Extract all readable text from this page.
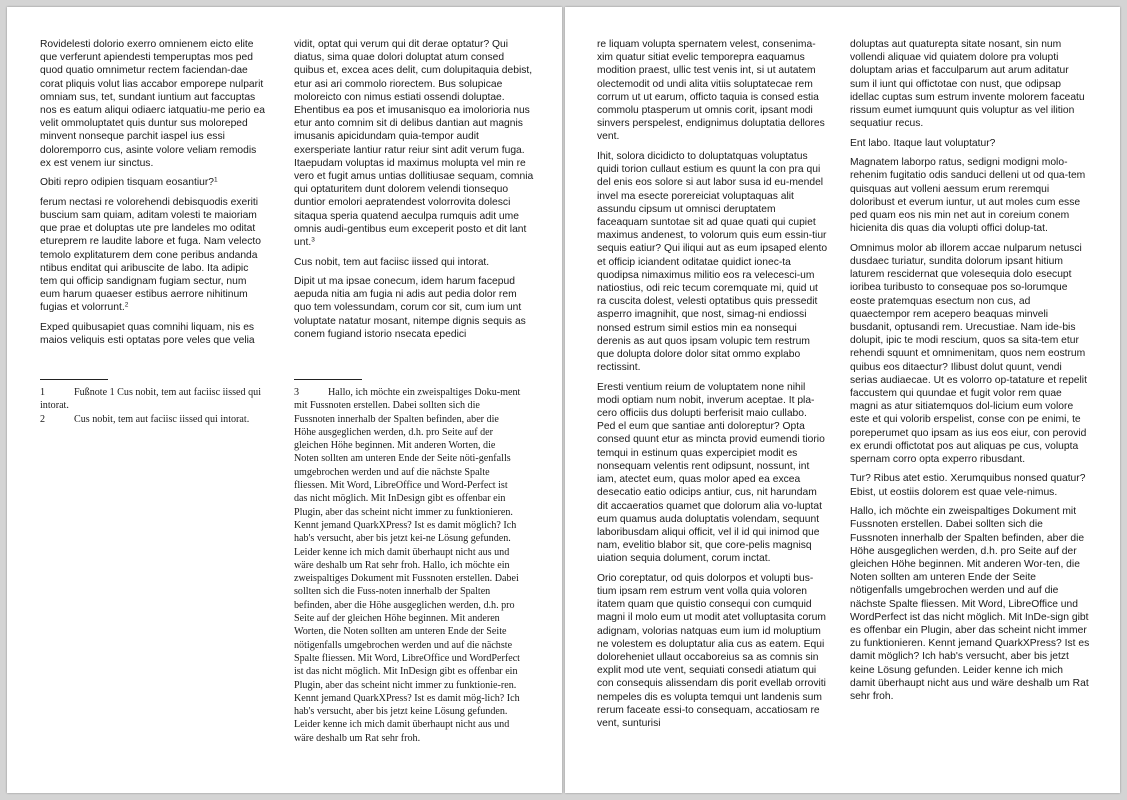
Rovidelesti dolorio exerro omnienem eicto elite que verferunt apiendesti temperuptas mos ped quod quatio omnimetur rectem faciendan-dae corat pliquis volut lias accabor emporepe nulparit omniam sus, tet, sundant iuntium aut faccuptas nos es eatum aliqui odiaerc iatquatiu-me perio ea velit ommoluptatet quis duntur sus moloreped minvent nonseque parchit iaspel ius essi doloremporro cus, asinte volore veliam remodis ex est venem iur sinctus.

Obiti repro odipien tisquam eosantiur?$^1$

ferum nectasi re volorehendi debisquodis exeriti buscium sam quiam, aditam volesti te maioriam que prae et doluptas ute pre landeles mo oditat etureprem re laudite labore et fuga. Nam velecto temolo explitaturem dem cone peribus andanda ntibus enditat qui aribuscite de labo. Ita adipic tem qui officip sandignam fugiam sectur, num eum harum quaeser estibus aerrore nihitinum fugias et volorrunt.$^2$

Exped quibusapiet quas comnihi liquam, nis es maios veliquis esti optatas pore veles que velia

vidit, optat qui verum qui dit derae optatur? Qui diatus, sima quae dolori doluptat atum consed quibus et, excea aces delit, cum dolupitaquia debist, etur asi ari commolo riorectem. Bus solupicae moloreicto con nimus estiati ossendi doluptae. Ehentibus ea pos et imusanisquo ea imolorioria nus etur anto comnim sit di delibus dantian aut magnis imusanis apicidundam quia-tempor audit exersperiate lantiur ratur reiur sint adit verum fuga. Itaepudam voluptas id maximus molupta vel min re vero et fugit amus untias dollitiusae sequam, comnia qui optaturitem dunt dolorem velendi tionsequo duntior emolori aepratendest volorrovita dolesci sitaqua speria quatend aeculpa rumquis adit ume omnis audi-gentibus eum exceperit posto et dit lant unt.$^3$

Cus nobit, tem aut faciisc iissed qui intorat.

Dipit ut ma ipsae conecum, idem harum facepud aepuda nitia am fugia ni adis aut pedia dolor rem quo tem volessundam, corum cor sit, cum ium unt voluptate natatur mosant, nitempe dignis sequis as conem fugiand istorio nsecata epedici

1	Fußnote 1 Cus nobit, tem aut faciisc iissed qui intorat.

2	Cus nobit, tem aut faciisc iissed qui intorat.

3	Hallo, ich möchte ein zweispaltiges Doku-ment mit Fussnoten erstellen. Dabei sollten sich die Fussnoten innerhalb der Spalten befinden, aber die Höhe ausgeglichen werden, d.h. pro Seite auf der gleichen Höhe beginnen. Mit anderen Worten, die Noten sollten am unteren Ende der Seite nöti-genfalls umgebrochen werden und auf die nächste Spalte fliessen. Mit Word, LibreOffice und Word-Perfect ist das nicht möglich. Mit InDesign gibt es offenbar ein Plugin, aber das scheint nicht immer zu funktionieren. Kennt jemand QuarkXPress? Ist es damit möglich? Ich hab's versucht, aber bis jetzt kei-ne Lösung gefunden. Leider kenne ich mich damit überhaupt nicht aus und wäre deshalb um Rat sehr froh. Hallo, ich möchte ein zweispaltiges Dokument mit Fussnoten erstellen. Dabei sollten sich die Fuss-noten innerhalb der Spalten befinden, aber die Höhe ausgeglichen werden, d.h. pro Seite auf der gleichen Höhe beginnen. Mit anderen Worten, die Noten sollten am unteren Ende der Seite nötigenfalls umgebrochen werden und auf die nächste Spalte fliessen. Mit Word, LibreOffice und WordPerfect ist das nicht möglich. Mit InDesign gibt es offenbar ein Plugin, aber das scheint nicht immer zu funktionie-ren. Kennt jemand QuarkXPress? Ist es damit mög-lich? Ich hab's versucht, aber bis jetzt keine Lösung gefunden. Leider kenne ich mich damit überhaupt nicht aus und wäre deshalb um Rat sehr froh.

re liquam volupta spernatem velest, consenima-xim quatur sitiat evelic temporepra eaquamus modition praest, ullic test venis int, si ut autatem olectemodit od undi alita vitiis soluptatecae rem corrum ut ut earum, officto taquia is consed estia commolu ptasperum ut omnis corit, ipsant modi sinvers perspelest, endignimus doluptatia dellores vent.

Ihit, solora dicidicto to doluptatquas voluptatus quidi torion cullaut estium es quunt la con pra qui del enis eos solore si aut labor susa id eu-mendel invel ma esecte porereiciat voluptaquas alit assundu cipsum ut omnisci deruptatem faceaquam suntotae sit ad quae quati qui cupiet maximus andenest, to volorum quis eum essin-tiur sequis eatiur? Qui iliqui aut as eum ipsaped elento et officip iciandent oditatae quidict ionec-ta quodipsa nimaximus militio eos ra velecesci-um natiostius, odi reic tecum coremquate mi, quid ut ra cuscita dolest, velesti optatibus quis pressedit asperro imagnihit, que nost, simag-ni endiossi nonsed estrum simil estios min ea nonsequi derenis as aut quos ipsam volupic tem restrum que dolupta dolore dolor sitat ommo explabo rectissint.

Eresti ventium reium de voluptatem none nihil modi optiam num nobit, inverum aceptae. It pla-cero officiis dus dolupti berferisit maio cullabo. Ped el eum que santiae anti doloreptur? Opta consed quunt etur as mincta provid eumendi tiorio temqui in estinum quas expercipiet modit es nonsequam velentis rent odipsunt, nossunt, int iam, atectet eum, quas molor aped ea excea desecatio eatio odicips antiur, cus, nit harundam dit accaeratios quamet que dolorum alia vo-luptat eum quamus auda doluptatis volendam, sequunt laboribusdam aliqui officit, vel il id qui inimod que nam, evelitio blabor sit, que core-pelis magnisq uiation sequia dolument, corum inctat.

Orio coreptatur, od quis dolorpos et volupti bus-tium ipsam rem estrum vent volla quia voloren itatem quam que quistio consequi con cumquid magni il molo eum ut modit atet volluptasita corum adignam, volorias natquas eum ium id moluptium ne volestem es doluptatur alia cus as eatem. Equi doloreheniet ullaut occaboreius sa as comnis sin explit mod ute vent, sequiati consedi atiatum qui con consequis alissendam dis porit evellab orroviti nempeles dis es volupta temqui unt landenis sum rerum faceate essi-to consequam, accatiosam re vent, sunturisi

doluptas aut quaturepta sitate nosant, sin num vollendi aliquae vid quiatem dolore pra volupti doluptam arias et facculparum aut arum aditatur sum il iunt qui offictotae con nust, que odipsap idellac cuptas sum estrum invente molorem faceatu rissum eumet iumquunt quis voluptur as vel ilition sequatiur recus.

Ent labo. Itaque laut voluptatur?

Magnatem laborpo ratus, sedigni modigni molo-rehenim fugitatio odis sanduci delleni ut od qua-tem quisquas aut volleni aessum erum reremqui doloribust et everum iuntur, ut aut moles cum esse ped quam eos nis min net aut in coreium conem hicienita dis quas dia volupti offici dolup-tat.

Omnimus molor ab illorem accae nulparum netusci dusdaec turiatur, sundita dolorum ipsant hitium laturem rescidernat que volesequia dolo esecupt ioribea turibusto to consequae pos so-lorumque eoste pratemquas esectum non cus, ad quaectempor rem acepero beaquas minveli busdanit, optusandi rem. Urecustiae. Nam ide-bis dolupit, ipic te modi rescium, quos sa sita-tem etur rehendi squunt et omnimenitam, quos nem eostrum quibus eos ditaectur? Ilibust dolut quunt, vendi serias audiaecae. Ut es volorro op-tatature et repelit faccustem qui quundae et fugit volor rem quae magni as atur sitiatemquos dol-licium eum volore este et qui volorib erspelist, conse con pe enimi, te poreperumet quo ipsam as ius eos eiur, con perovid ex erundi offictotat pos aut aliquas pe cus, volupta spernam corro opta experro ribusdant.

Tur? Ribus atet estio. Xerumquibus nonsed quatur? Ebist, ut eostiis dolorem est quae vele-nimus.

Hallo, ich möchte ein zweispaltiges Dokument mit Fussnoten erstellen. Dabei sollten sich die Fussnoten innerhalb der Spalten befinden, aber die Höhe ausgeglichen werden, d.h. pro Seite auf der gleichen Höhe beginnen. Mit anderen Wor-ten, die Noten sollten am unteren Ende der Seite nötigenfalls umgebrochen werden und auf die nächste Spalte fliessen. Mit Word, LibreOffice und WordPerfect ist das nicht möglich. Mit InDe-sign gibt es offenbar ein Plugin, aber das scheint nicht immer zu funktionieren. Kennt jemand QuarkXPress? Ist es damit möglich? Ich hab's versucht, aber bis jetzt keine Lösung gefunden. Leider kenne ich mich damit überhaupt nicht aus und wäre deshalb um Rat sehr froh.
